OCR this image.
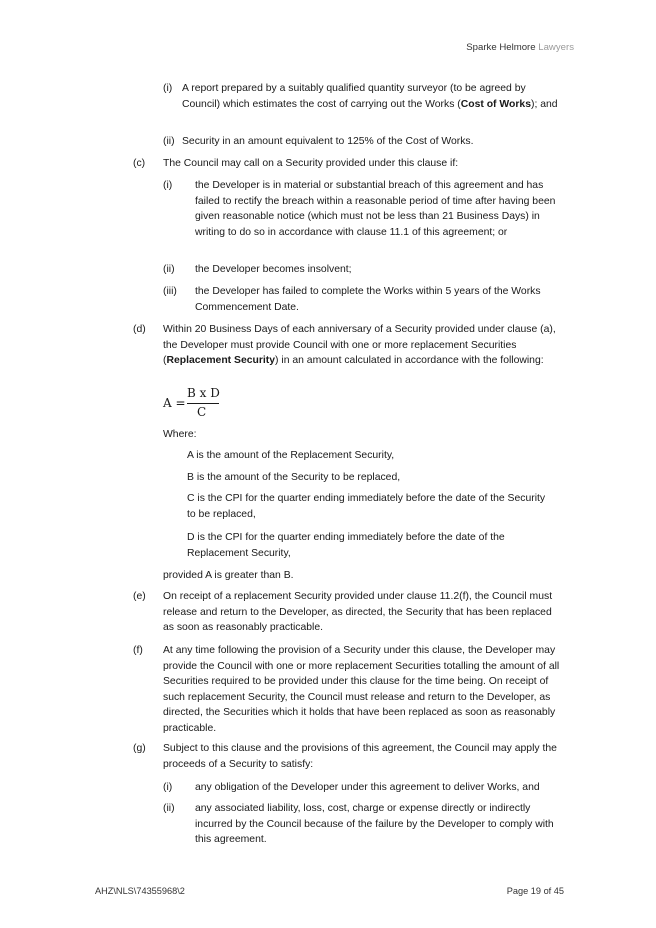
Sparke Helmore Lawyers
(i) A report prepared by a suitably qualified quantity surveyor (to be agreed by Council) which estimates the cost of carrying out the Works (Cost of Works); and
(ii) Security in an amount equivalent to 125% of the Cost of Works.
(c) The Council may call on a Security provided under this clause if:
(i) the Developer is in material or substantial breach of this agreement and has failed to rectify the breach within a reasonable period of time after having been given reasonable notice (which must not be less than 21 Business Days) in writing to do so in accordance with clause 11.1 of this agreement; or
(ii) the Developer becomes insolvent;
(iii) the Developer has failed to complete the Works within 5 years of the Works Commencement Date.
(d) Within 20 Business Days of each anniversary of a Security provided under clause (a), the Developer must provide Council with one or more replacement Securities (Replacement Security) in an amount calculated in accordance with the following:
A =
B x D
C
Where:
A is the amount of the Replacement Security,
B is the amount of the Security to be replaced,
C is the CPI for the quarter ending immediately before the date of the Security to be replaced,
D is the CPI for the quarter ending immediately before the date of the Replacement Security,
provided A is greater than B.
(e) On receipt of a replacement Security provided under clause 11.2(f), the Council must release and return to the Developer, as directed, the Security that has been replaced as soon as reasonably practicable.
(f) At any time following the provision of a Security under this clause, the Developer may provide the Council with one or more replacement Securities totalling the amount of all Securities required to be provided under this clause for the time being. On receipt of such replacement Security, the Council must release and return to the Developer, as directed, the Securities which it holds that have been replaced as soon as reasonably practicable.
(g) Subject to this clause and the provisions of this agreement, the Council may apply the proceeds of a Security to satisfy:
(i) any obligation of the Developer under this agreement to deliver Works, and
(ii) any associated liability, loss, cost, charge or expense directly or indirectly incurred by the Council because of the failure by the Developer to comply with this agreement.
AHZ\NLS\74355968\2	Page 19 of 45
